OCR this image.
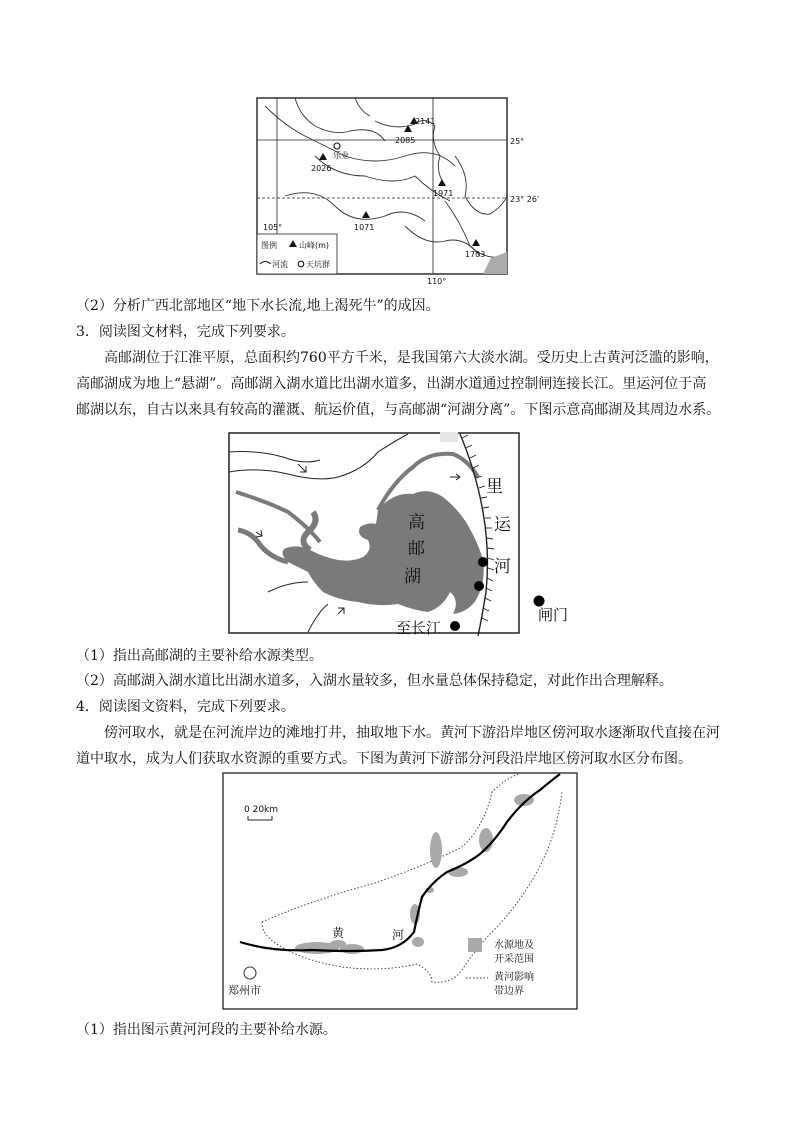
图例	山峰(m)
河流 天坑群
乐业
2141
2085
2026
1971
1071
1703
25°
23° 26'
105°
110°
（2）分析广西北部地区“地下水长流,地上渴死牛”的成因。
3．阅读图文材料，完成下列要求。
高邮湖位于江淮平原，总面积约760平方千米，是我国第六大淡水湖。受历史上古黄河泛滥的影响，
高邮湖成为地上“悬湖”。高邮湖入湖水道比出湖水道多，出湖水道通过控制闸连接长江。里运河位于高
邮湖以东，自古以来具有较高的灌溉、航运价值，与高邮湖“河湖分离”。下图示意高邮湖及其周边水系。
高
邮
湖
里
运
河
至长江
闸门
（1）指出高邮湖的主要补给水源类型。
（2）高邮湖入湖水道比出湖水道多，入湖水量较多，但水量总体保持稳定，对此作出合理解释。
4．阅读图文资料，完成下列要求。
傍河取水，就是在河流岸边的滩地打井，抽取地下水。黄河下游沿岸地区傍河取水逐渐取代直接在河
道中取水，成为人们获取水资源的重要方式。下图为黄河下游部分河段沿岸地区傍河取水区分布图。
0 20km
黄	河
郑州市
水源地及
开采范围
黄河影响
带边界
（1）指出图示黄河河段的主要补给水源。
